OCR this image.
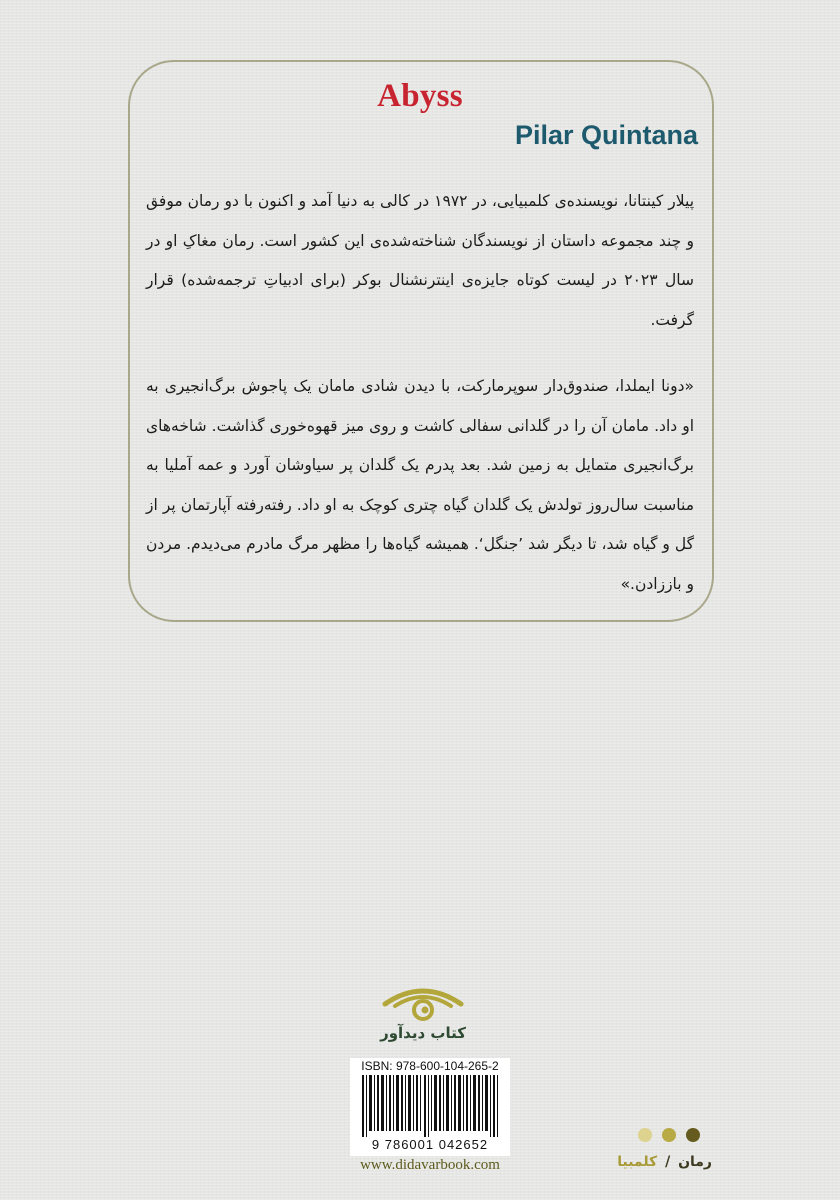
Abyss
Pilar Quintana

پیلار کینتانا، نویسنده‌ی کلمبیایی، در ۱۹۷۲ در کالی به دنیا آمد و اکنون با دو رمان موفق و چند مجموعه داستان از نویسندگان شناخته‌شده‌ی این کشور است. رمان مغاکِ او در سال ۲۰۲۳ در لیست کوتاه جایزه‌ی اینترنشنال بوکر (برای ادبیاتِ ترجمه‌شده) قرار گرفت.

«دونا ایملدا، صندوق‌دار سوپرمارکت، با دیدن شادی مامان یک پاجوش برگ‌انجیری به او داد. مامان آن را در گلدانی سفالی کاشت و روی میز قهوه‌خوری گذاشت. شاخه‌های برگ‌انجیری متمایل به زمین شد. بعد پدرم یک گلدان پر سیاوشان آورد و عمه آملیا به مناسبت سال‌روز تولدش یک گلدان گیاه چتری کوچک به او داد. رفته‌رفته آپارتمان پر از گل و گیاه شد، تا دیگر شد ’جنگل‘. همیشه گیاه‌ها را مظهر مرگ مادرم می‌دیدم. مردن و باززادن.»

کتاب دیدآور
ISBN: 978-600-104-265-2
9 786001 042652
www.didavarbook.com	رمان / کلمبیا
